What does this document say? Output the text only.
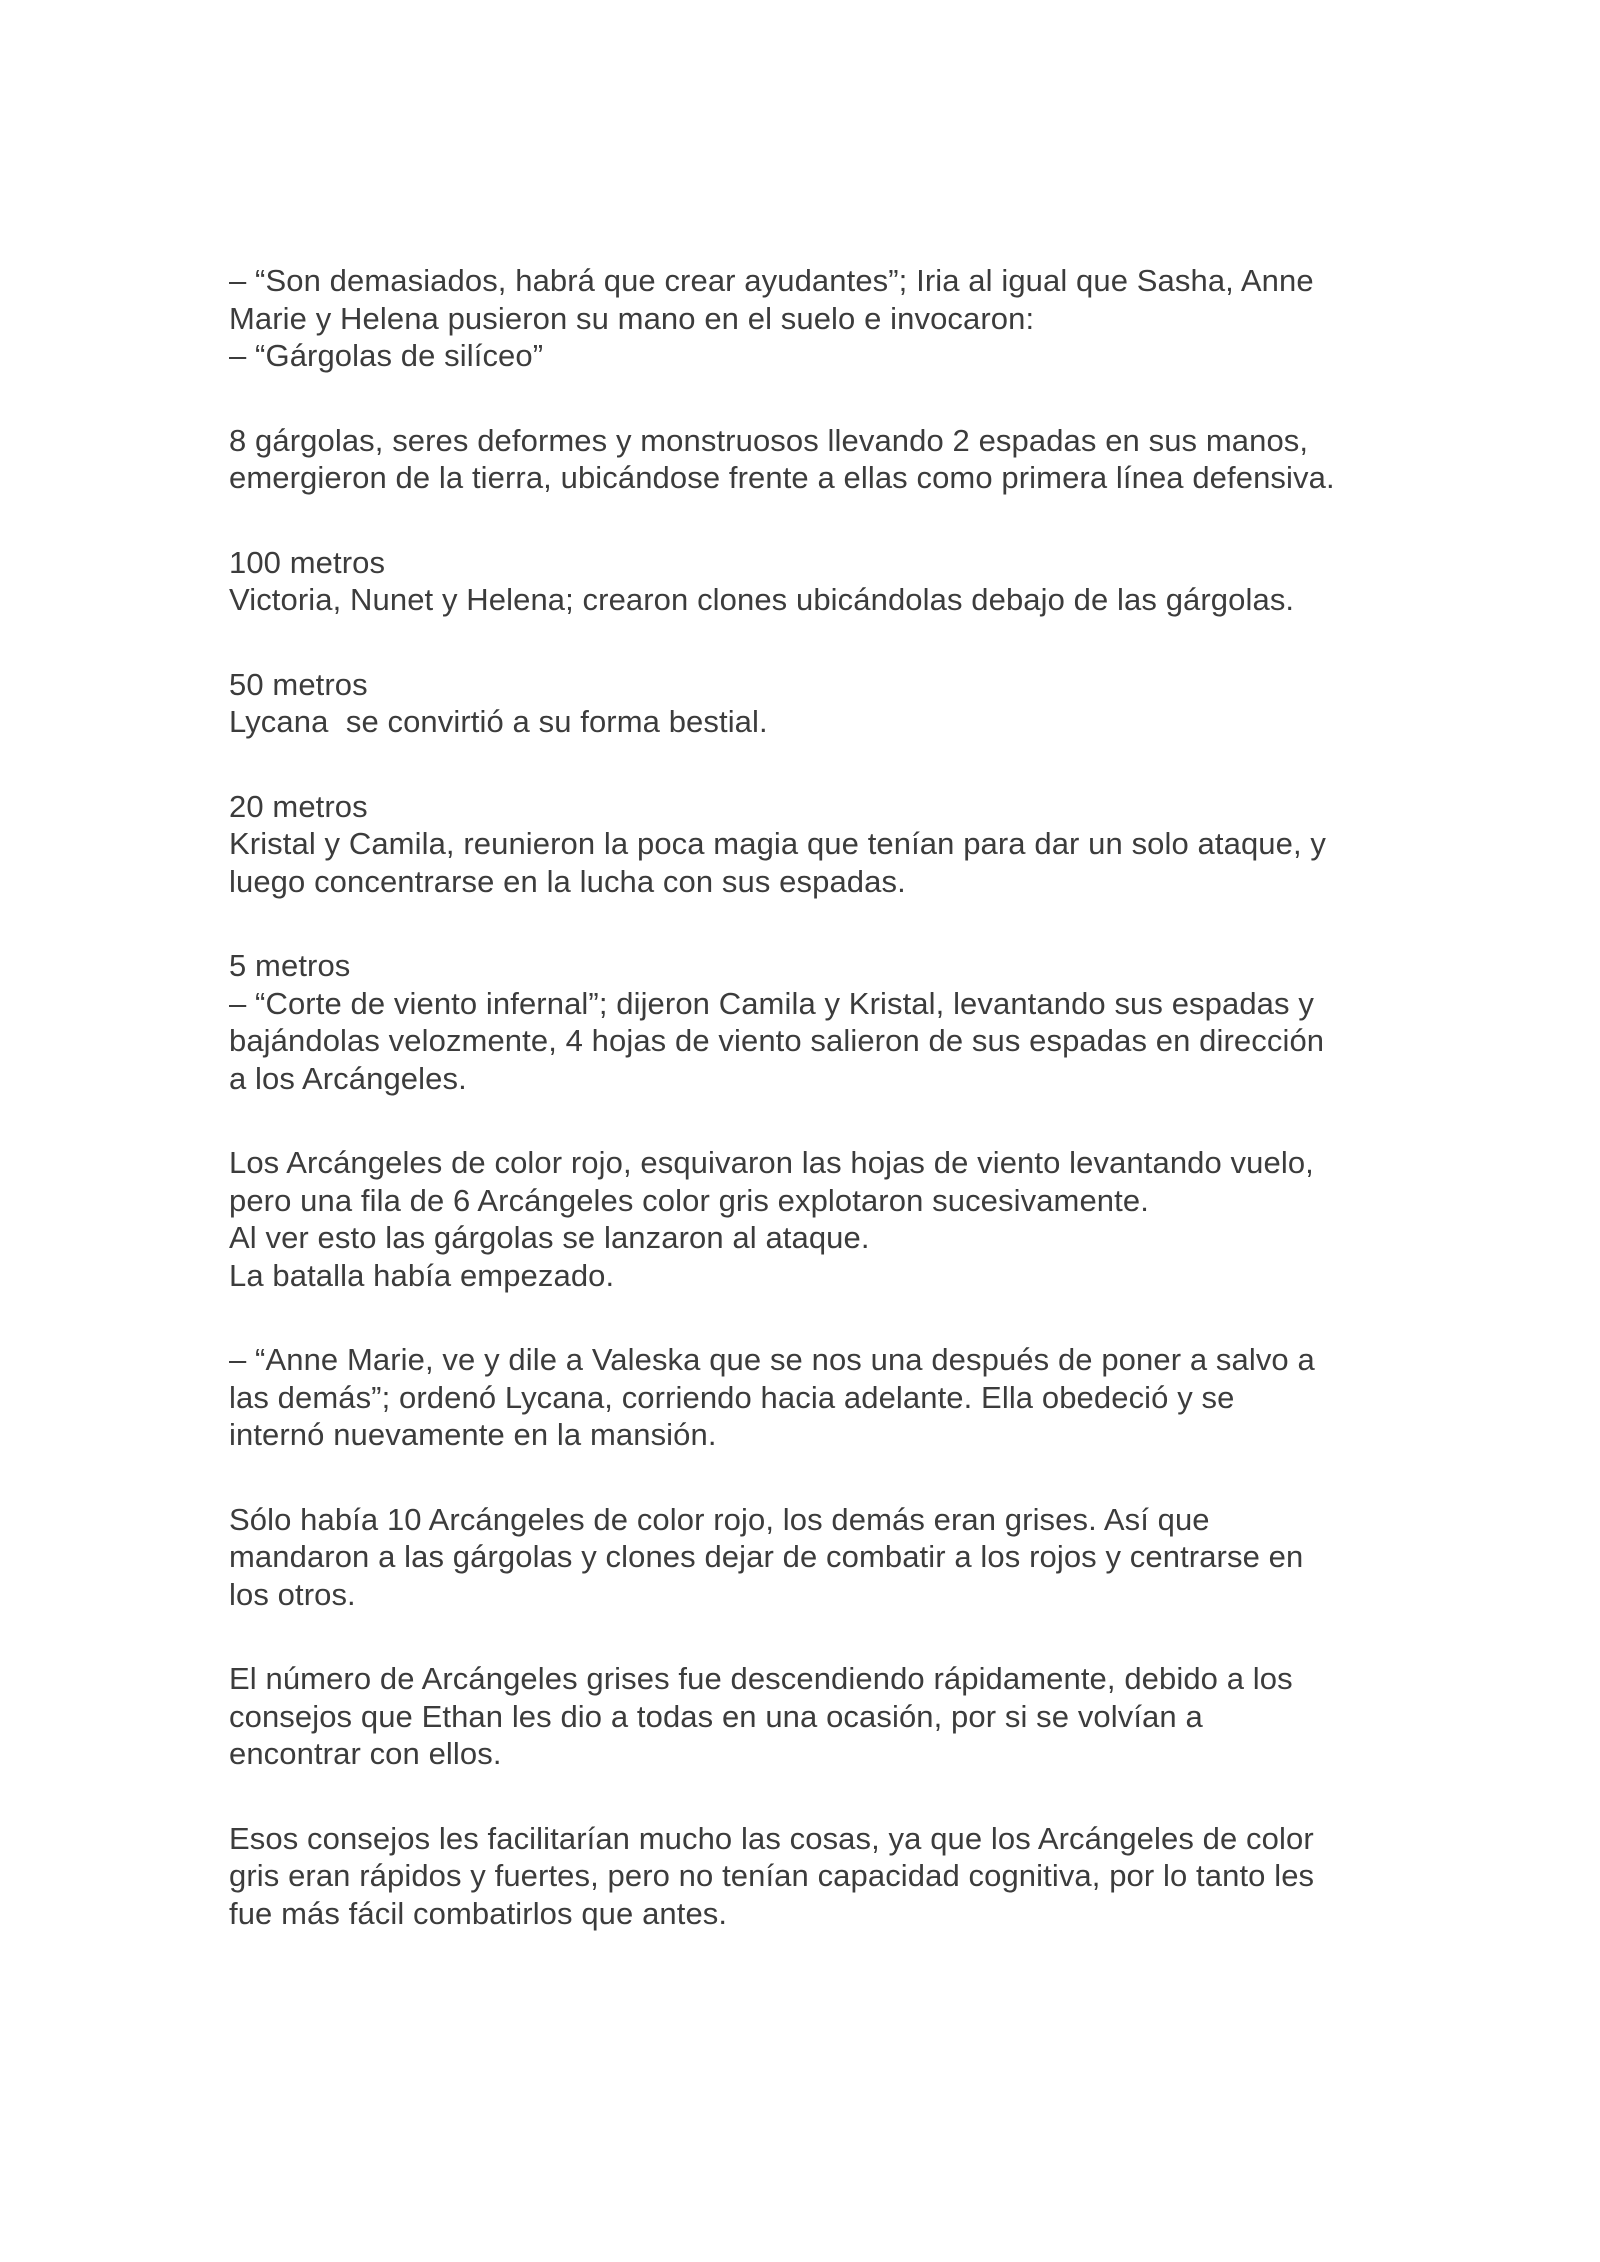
– “Son demasiados, habrá que crear ayudantes”; Iria al igual que Sasha, Anne
Marie y Helena pusieron su mano en el suelo e invocaron:
– “Gárgolas de silíceo”

8 gárgolas, seres deformes y monstruosos llevando 2 espadas en sus manos,
emergieron de la tierra, ubicándose frente a ellas como primera línea defensiva.

100 metros
Victoria, Nunet y Helena; crearon clones ubicándolas debajo de las gárgolas.

50 metros
Lycana  se convirtió a su forma bestial.

20 metros
Kristal y Camila, reunieron la poca magia que tenían para dar un solo ataque, y
luego concentrarse en la lucha con sus espadas.

5 metros
– “Corte de viento infernal”; dijeron Camila y Kristal, levantando sus espadas y
bajándolas velozmente, 4 hojas de viento salieron de sus espadas en dirección
a los Arcángeles.

Los Arcángeles de color rojo, esquivaron las hojas de viento levantando vuelo,
pero una fila de 6 Arcángeles color gris explotaron sucesivamente.
Al ver esto las gárgolas se lanzaron al ataque.
La batalla había empezado.

– “Anne Marie, ve y dile a Valeska que se nos una después de poner a salvo a
las demás”; ordenó Lycana, corriendo hacia adelante. Ella obedeció y se
internó nuevamente en la mansión.

Sólo había 10 Arcángeles de color rojo, los demás eran grises. Así que
mandaron a las gárgolas y clones dejar de combatir a los rojos y centrarse en
los otros.

El número de Arcángeles grises fue descendiendo rápidamente, debido a los
consejos que Ethan les dio a todas en una ocasión, por si se volvían a
encontrar con ellos.

Esos consejos les facilitarían mucho las cosas, ya que los Arcángeles de color
gris eran rápidos y fuertes, pero no tenían capacidad cognitiva, por lo tanto les
fue más fácil combatirlos que antes.
